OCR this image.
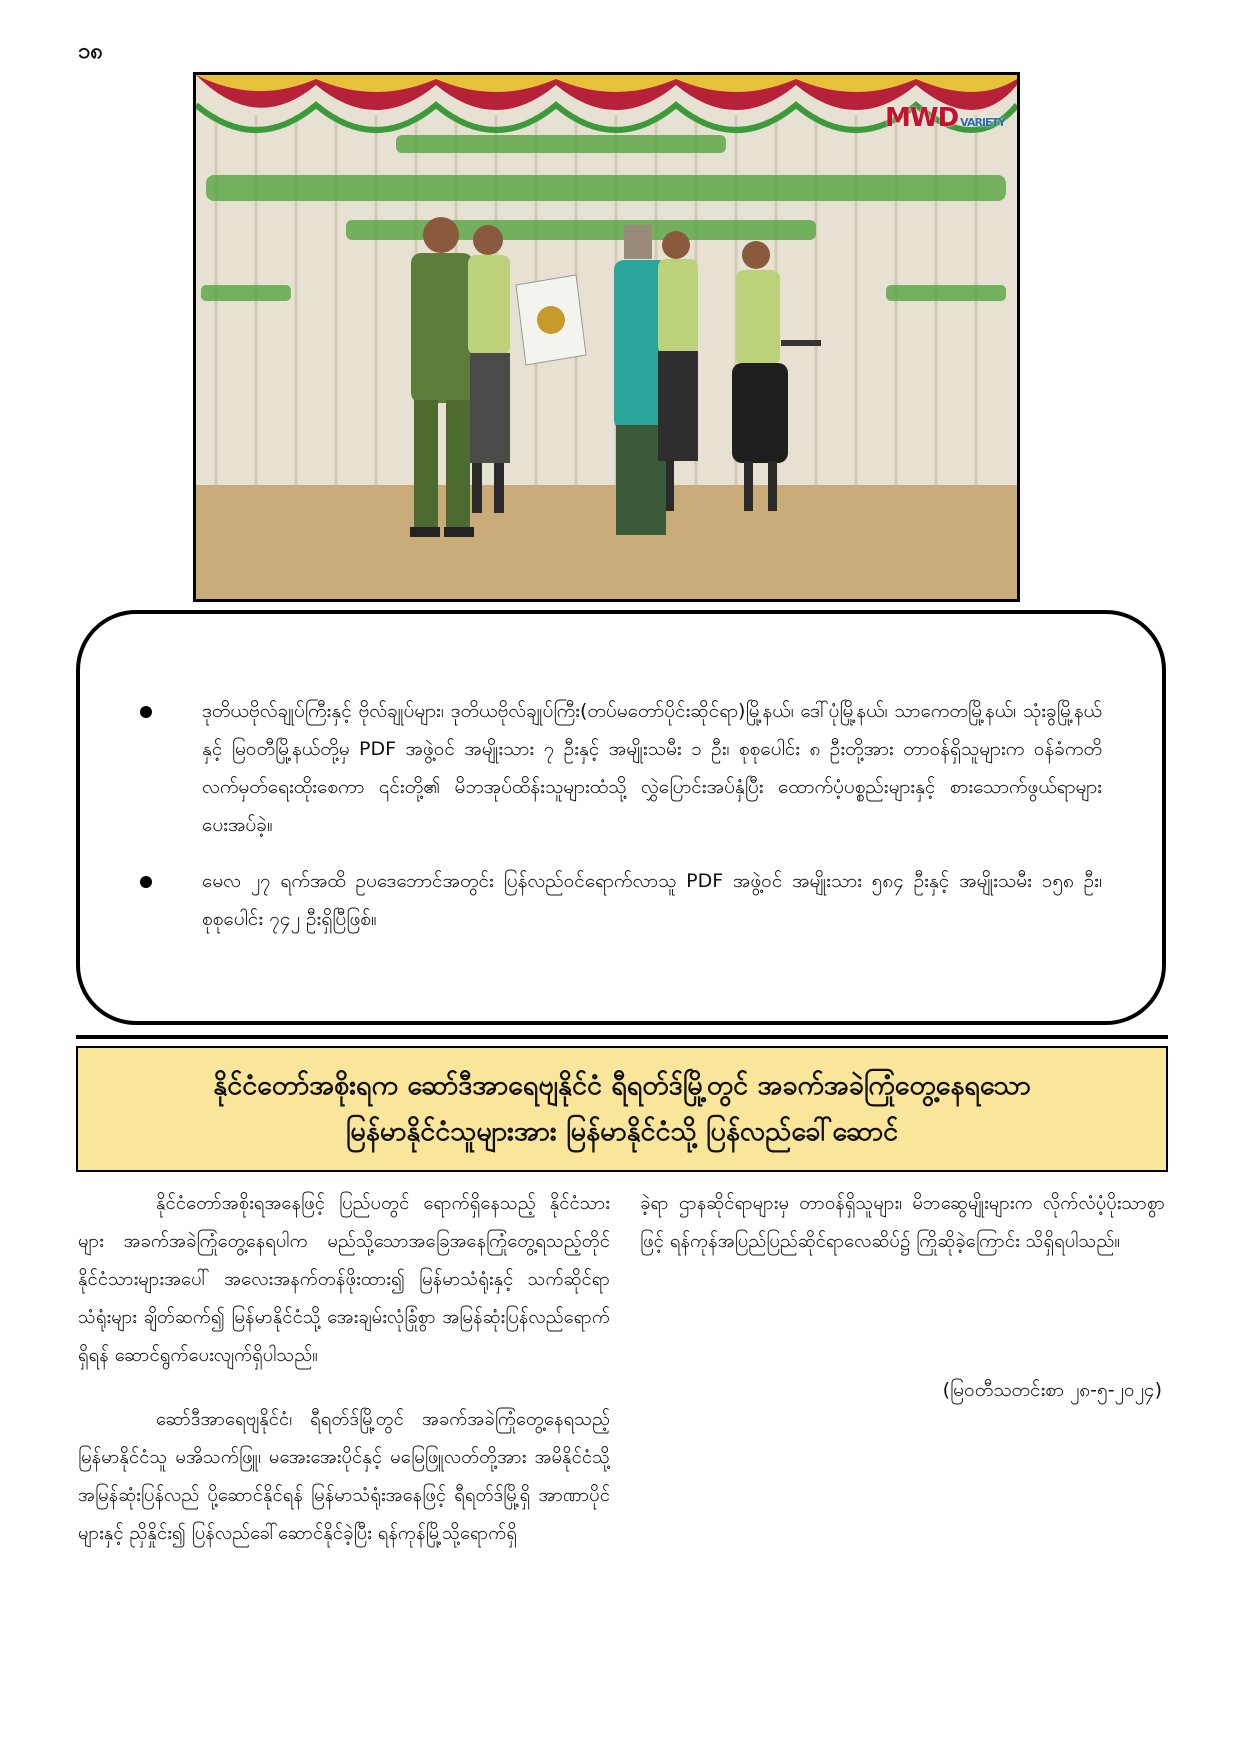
၁၈
MWD VARIETY
ဒုတိယဗိုလ်ချုပ်ကြီးနှင့် ဗိုလ်ချုပ်များ၊ ဒုတိယဗိုလ်ချုပ်ကြီး(တပ်မတော်ပိုင်းဆိုင်ရာ)မြို့နယ်၊ ဒေါ်ပုံမြို့နယ်၊ သာကေတမြို့နယ်၊ သုံးခွမြို့နယ်နှင့် မြဝတီမြို့နယ်တို့မှ PDF အဖွဲ့ဝင် အမျိုးသား ၇ ဦးနှင့် အမျိုးသမီး ၁ ဦး၊ စုစုပေါင်း ၈ ဦးတို့အား တာဝန်ရှိသူများက ဝန်ခံကတိလက်မှတ်ရေးထိုးစေကာ ၎င်းတို့၏ မိဘအုပ်ထိန်းသူများထံသို့ လွှဲပြောင်းအပ်နှံပြီး ထောက်ပံ့ပစ္စည်းများနှင့် စားသောက်ဖွယ်ရာများ ပေးအပ်ခဲ့။
မေလ ၂၇ ရက်အထိ ဥပဒေဘောင်အတွင်း ပြန်လည်ဝင်ရောက်လာသူ PDF အဖွဲ့ဝင် အမျိုးသား ၅၈၄ ဦးနှင့် အမျိုးသမီး ၁၅၈ ဦး၊ စုစုပေါင်း ၇၄၂ ဦးရှိပြီဖြစ်။
နိုင်ငံတော်အစိုးရက ဆော်ဒီအာရေဗျနိုင်ငံ ရီရတ်ဒ်မြို့တွင် အခက်အခဲကြုံတွေ့နေရသော
မြန်မာနိုင်ငံသူများအား မြန်မာနိုင်ငံသို့ ပြန်လည်ခေါ်ဆောင်

နိုင်ငံတော်အစိုးရအနေဖြင့် ပြည်ပတွင် ရောက်ရှိနေသည့် နိုင်ငံသားများ အခက်အခဲကြုံတွေ့နေရပါက မည်သို့သောအခြေအနေကြုံတွေ့ရသည့်တိုင် နိုင်ငံသားများအပေါ် အလေးအနက်တန်ဖိုးထား၍ မြန်မာသံရုံးနှင့် သက်ဆိုင်ရာသံရုံးများ ချိတ်ဆက်၍ မြန်မာနိုင်ငံသို့ အေးချမ်းလုံခြုံစွာ အမြန်ဆုံးပြန်လည်ရောက်ရှိရန် ဆောင်ရွက်ပေးလျက်ရှိပါသည်။

ဆော်ဒီအာရေဗျနိုင်ငံ၊ ရီရတ်ဒ်မြို့တွင် အခက်အခဲကြုံတွေ့နေရသည့် မြန်မာနိုင်ငံသူ မအိသက်ဖြူ၊ မအေးအေးပိုင်နှင့် မမြေဖြူလတ်တို့အား အမိနိုင်ငံသို့ အမြန်ဆုံးပြန်လည် ပို့ဆောင်နိုင်ရန် မြန်မာသံရုံးအနေဖြင့် ရီရတ်ဒ်မြို့ရှိ အာဏာပိုင်များနှင့် ညှိနှိုင်း၍ ပြန်လည်ခေါ်ဆောင်နိုင်ခဲ့ပြီး ရန်ကုန်မြို့သို့ရောက်ရှိ

ခဲ့ရာ ဌာနဆိုင်ရာများမှ တာဝန်ရှိသူများ၊ မိဘဆွေမျိုးများက လိုက်လံပံ့ပိုးသာစွာဖြင့် ရန်ကုန်အပြည်ပြည်ဆိုင်ရာလေဆိပ်၌ ကြိုဆိုခဲ့ကြောင်း သိရှိရပါသည်။

(မြဝတီသတင်းစာ ၂၈-၅-၂၀၂၄)
